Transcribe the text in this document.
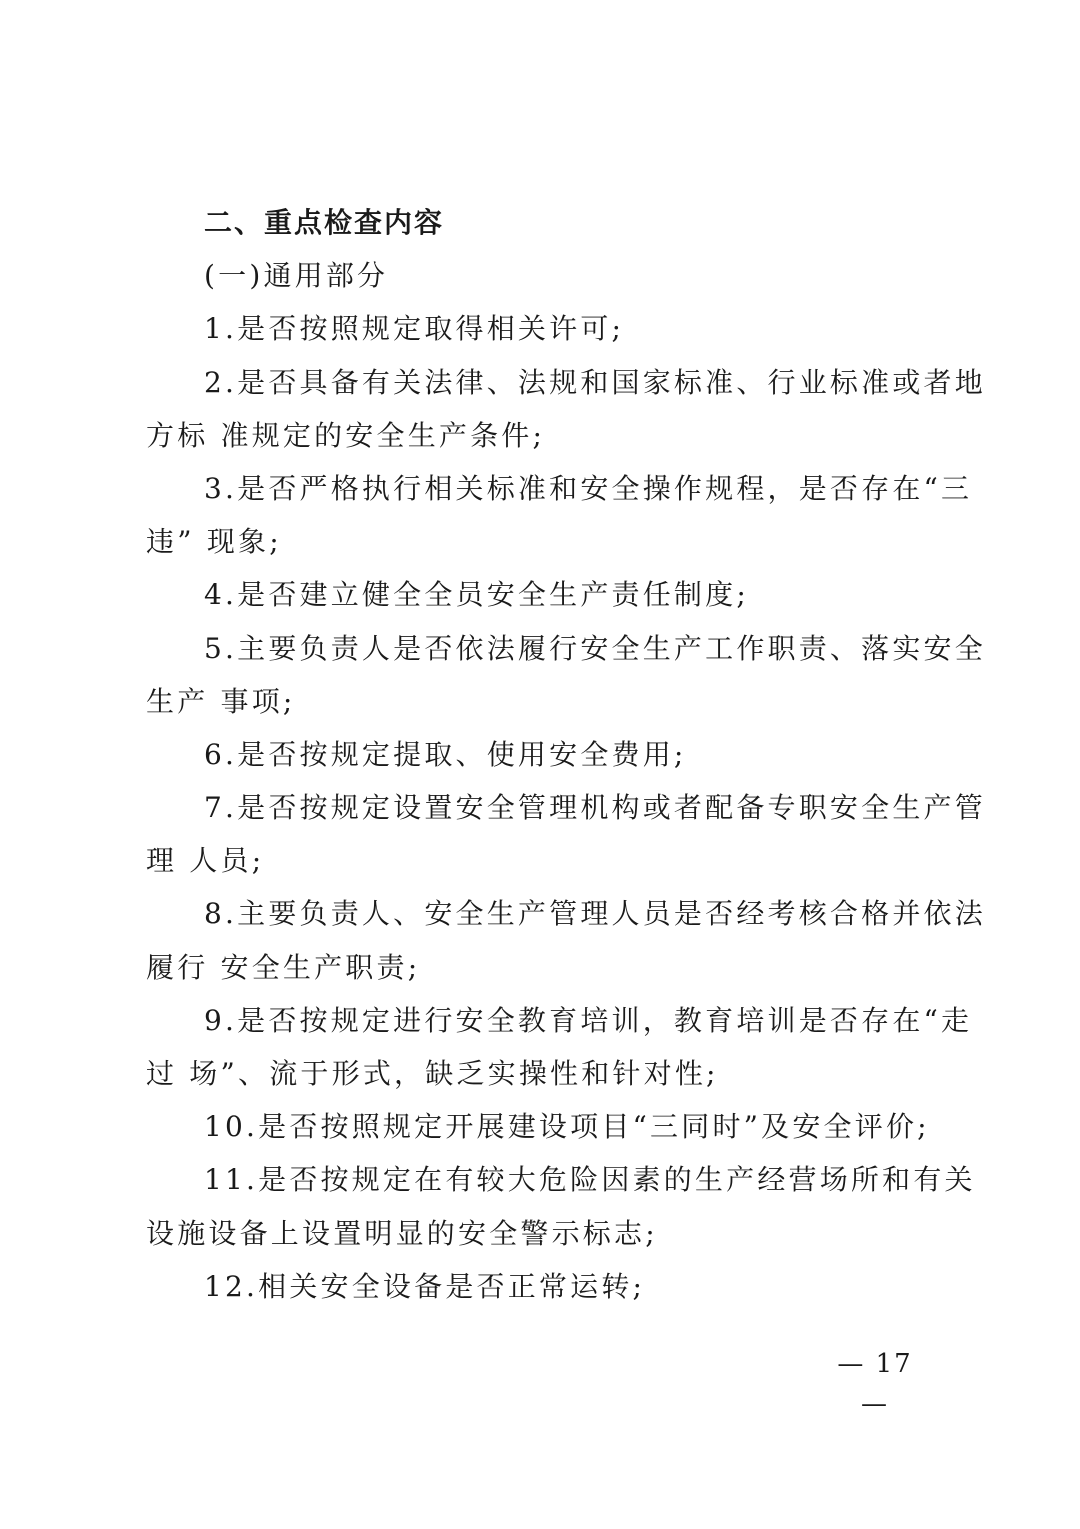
二、重点检查内容
(一)通用部分
1.是否按照规定取得相关许可;
2.是否具备有关法律、法规和国家标准、行业标准或者地
方标 准规定的安全生产条件;
3.是否严格执行相关标准和安全操作规程，是否存在“三
违” 现象;
4.是否建立健全全员安全生产责任制度;
5.主要负责人是否依法履行安全生产工作职责、落实安全
生产 事项;
6.是否按规定提取、使用安全费用;
7.是否按规定设置安全管理机构或者配备专职安全生产管
理 人员;
8.主要负责人、安全生产管理人员是否经考核合格并依法
履行 安全生产职责;
9.是否按规定进行安全教育培训，教育培训是否存在“走
过 场”、流于形式，缺乏实操性和针对性;
10.是否按照规定开展建设项目“三同时”及安全评价;
11.是否按规定在有较大危险因素的生产经营场所和有关
设施设备上设置明显的安全警示标志;
12.相关安全设备是否正常运转;
— 17 —
